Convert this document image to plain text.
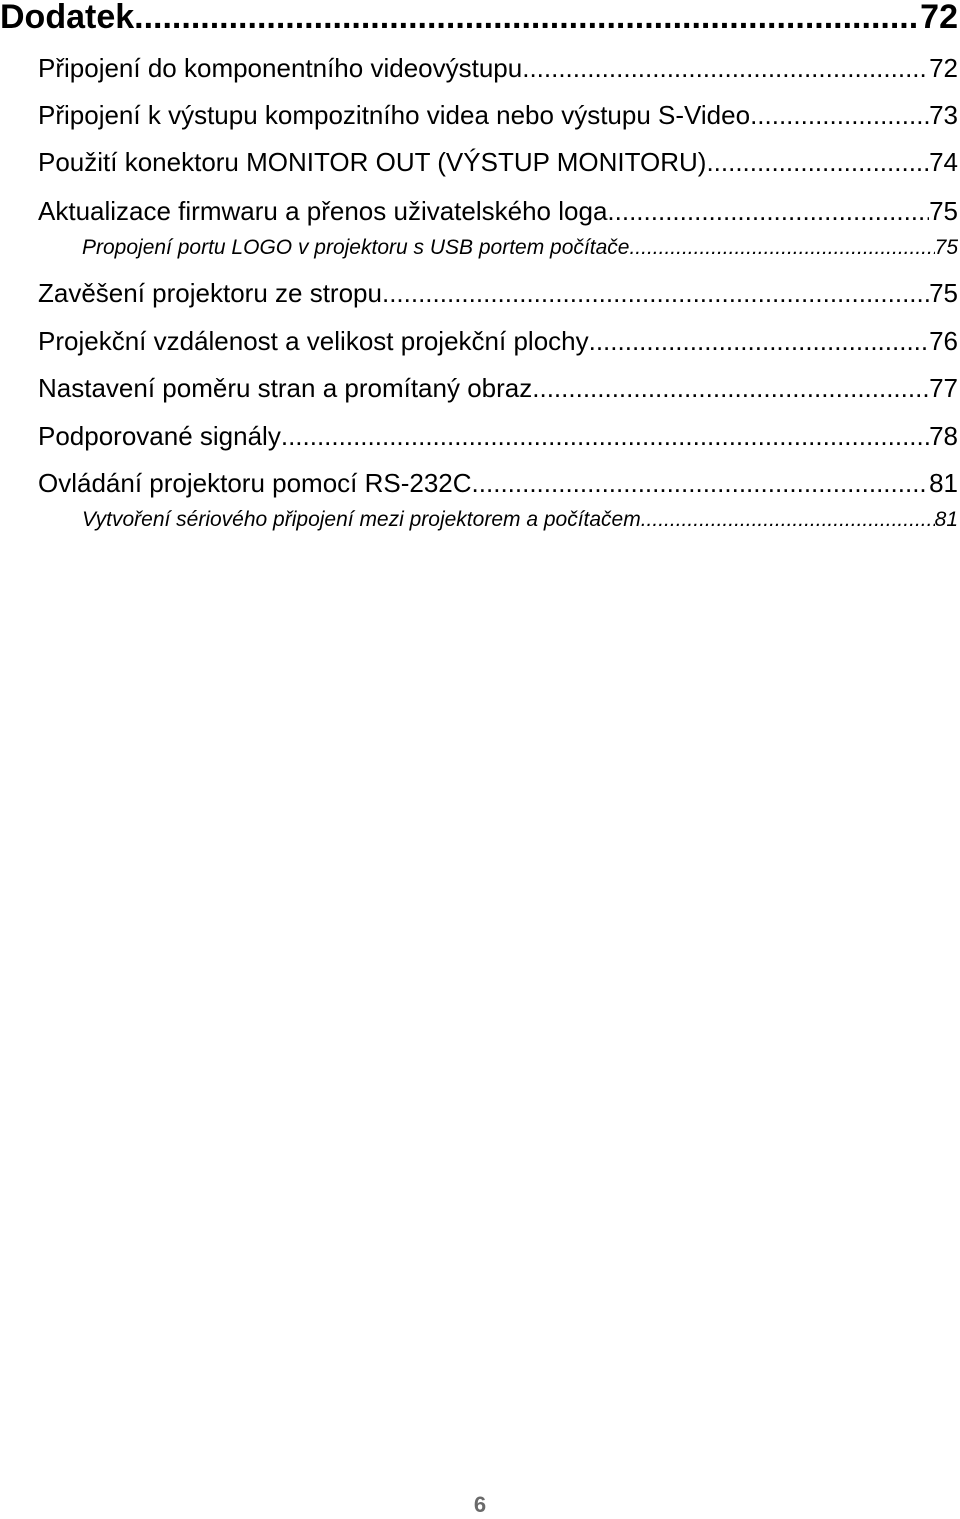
Dodatek .....	72
Připojení do komponentního videovýstupu .....	72
Připojení k výstupu kompozitního videa nebo výstupu S-Video .....	73
Použití konektoru MONITOR OUT (VÝSTUP MONITORU) .....	74
Aktualizace firmwaru a přenos uživatelského loga .....	75
Propojení portu LOGO v projektoru s USB portem počítače .....	75
Zavěšení projektoru ze stropu .....	75
Projekční vzdálenost a velikost projekční plochy .....	76
Nastavení poměru stran a promítaný obraz .....	77
Podporované signály .....	78
Ovládání projektoru pomocí RS-232C .....	81
Vytvoření sériového připojení mezi projektorem a počítačem .....	81
6
